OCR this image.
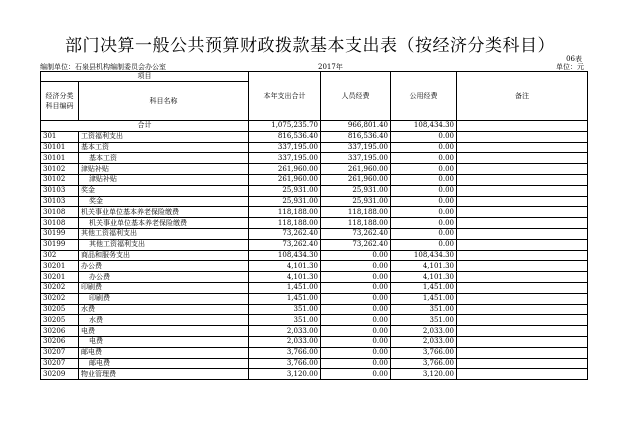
部门决算一般公共预算财政拨款基本支出表（按经济分类科目）
06表
编制单位：石泉县机构编制委员会办公室	2017年	单位：元
项目		本年支出合计	人员经费	公用经费	备注
经济分类科目编码	科目名称				

合计		1,075,235.70	966,801.40	108,434.30	
301	工资福利支出	816,536.40	816,536.40	0.00	
30101	基本工资	337,195.00	337,195.00	0.00	
30101	基本工资	337,195.00	337,195.00	0.00	
30102	津贴补贴	261,960.00	261,960.00	0.00	
30102	津贴补贴	261,960.00	261,960.00	0.00	
30103	奖金	25,931.00	25,931.00	0.00	
30103	奖金	25,931.00	25,931.00	0.00	
30108	机关事业单位基本养老保险缴费	118,188.00	118,188.00	0.00	
30108	机关事业单位基本养老保险缴费	118,188.00	118,188.00	0.00	
30199	其他工资福利支出	73,262.40	73,262.40	0.00	
30199	其他工资福利支出	73,262.40	73,262.40	0.00	
302	商品和服务支出	108,434.30	0.00	108,434.30	
30201	办公费	4,101.30	0.00	4,101.30	
30201	办公费	4,101.30	0.00	4,101.30	
30202	印刷费	1,451.00	0.00	1,451.00	
30202	印刷费	1,451.00	0.00	1,451.00	
30205	水费	351.00	0.00	351.00	
30205	水费	351.00	0.00	351.00	
30206	电费	2,033.00	0.00	2,033.00	
30206	电费	2,033.00	0.00	2,033.00	
30207	邮电费	3,766.00	0.00	3,766.00	
30207	邮电费	3,766.00	0.00	3,766.00	
30209	物业管理费	3,120.00	0.00	3,120.00	
